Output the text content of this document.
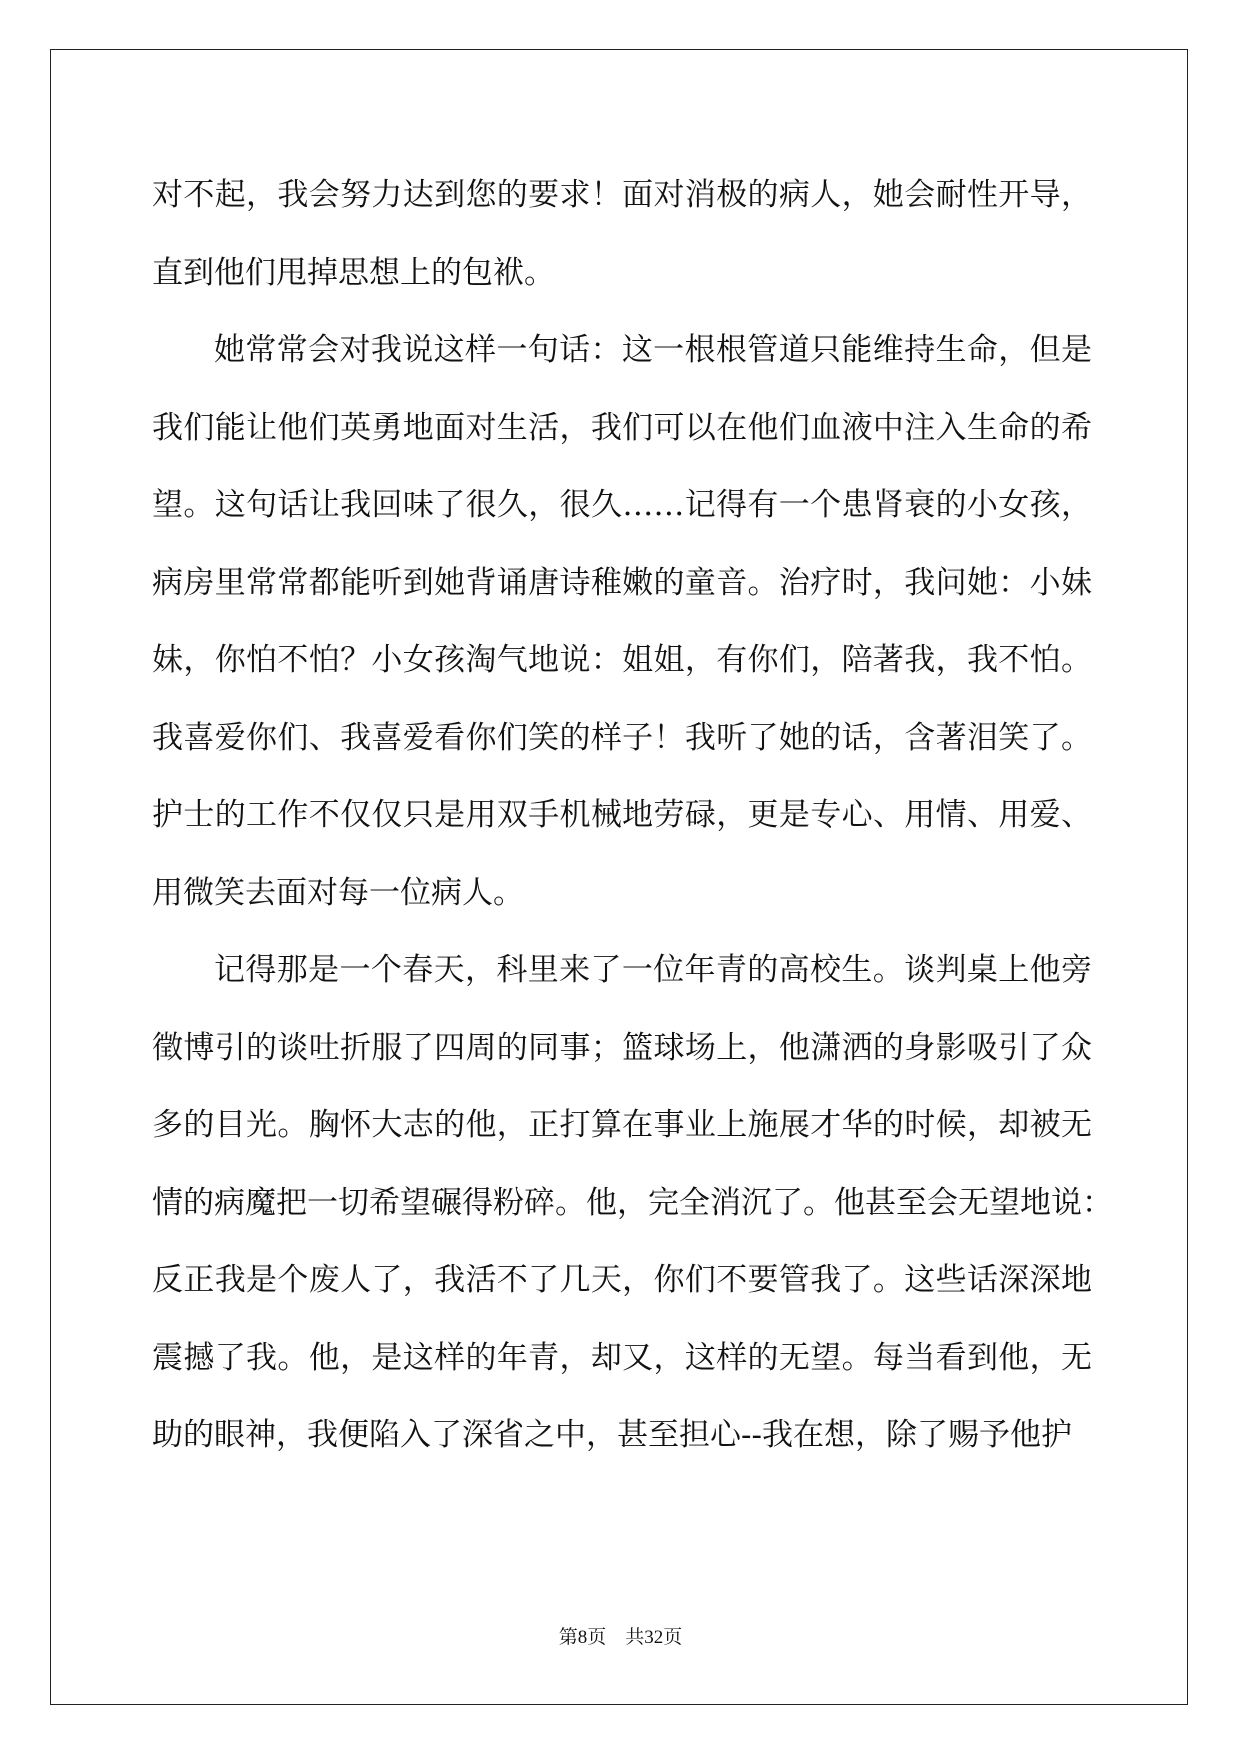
对不起，我会努力达到您的要求！面对消极的病人，她会耐性开导，
直到他们甩掉思想上的包袱。
她常常会对我说这样一句话：这一根根管道只能维持生命，但是
我们能让他们英勇地面对生活，我们可以在他们血液中注入生命的希
望。这句话让我回味了很久，很久……记得有一个患肾衰的小女孩，
病房里常常都能听到她背诵唐诗稚嫩的童音。治疗时，我问她：小妹
妹，你怕不怕？小女孩淘气地说：姐姐，有你们，陪著我，我不怕。
我喜爱你们、我喜爱看你们笑的样子！我听了她的话，含著泪笑了。
护士的工作不仅仅只是用双手机械地劳碌，更是专心、用情、用爱、
用微笑去面对每一位病人。
记得那是一个春天，科里来了一位年青的高校生。谈判桌上他旁
徵博引的谈吐折服了四周的同事；篮球场上，他潇洒的身影吸引了众
多的目光。胸怀大志的他，正打算在事业上施展才华的时候，却被无
情的病魔把一切希望碾得粉碎。他，完全消沉了。他甚至会无望地说：
反正我是个废人了，我活不了几天，你们不要管我了。这些话深深地
震撼了我。他，是这样的年青，却又，这样的无望。每当看到他，无
助的眼神，我便陷入了深省之中，甚至担心--我在想，除了赐予他护
第8页 共32页
